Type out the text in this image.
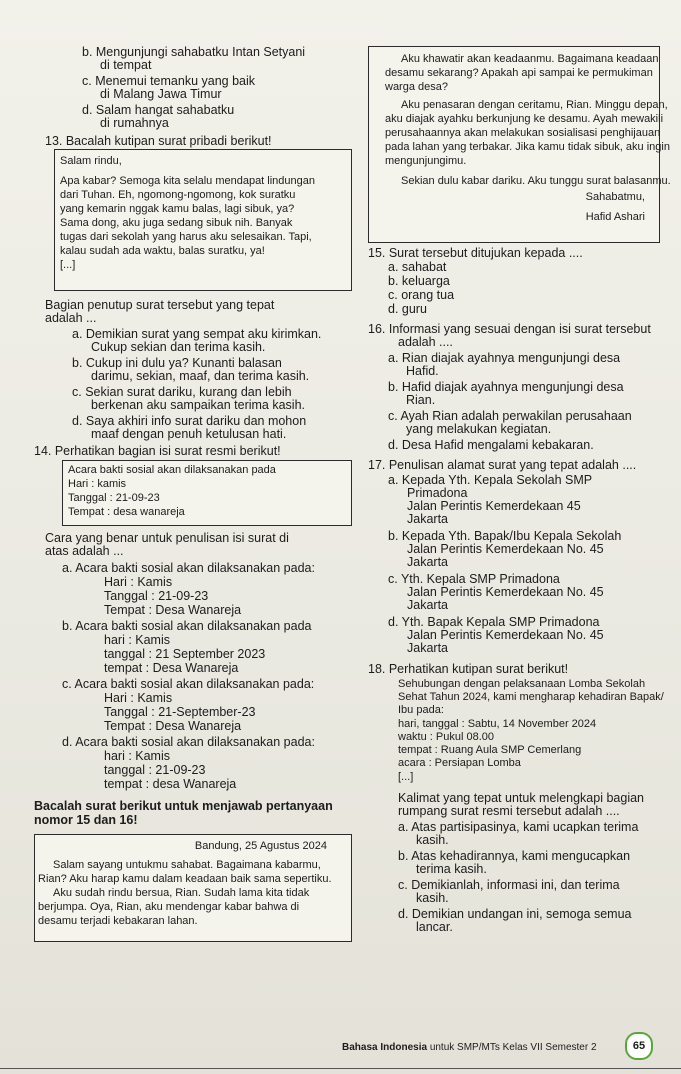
b. Mengunjungi sahabatku Intan Setyani
di tempat
c. Menemui temanku yang baik
di Malang Jawa Timur
d. Salam hangat sahabatku
di rumahnya
13. Bacalah kutipan surat pribadi berikut!
Salam rindu,
Apa kabar? Semoga kita selalu mendapat lindungan
dari Tuhan. Eh, ngomong-ngomong, kok suratku
yang kemarin nggak kamu balas, lagi sibuk, ya?
Sama dong, aku juga sedang sibuk nih. Banyak
tugas dari sekolah yang harus aku selesaikan. Tapi,
kalau sudah ada waktu, balas suratku, ya!
[...]
Bagian penutup surat tersebut yang tepat
adalah ...
a. Demikian surat yang sempat aku kirimkan.
Cukup sekian dan terima kasih.
b. Cukup ini dulu ya? Kunanti balasan
darimu, sekian, maaf, dan terima kasih.
c. Sekian surat dariku, kurang dan lebih
berkenan aku sampaikan terima kasih.
d. Saya akhiri info surat dariku dan mohon
maaf dengan penuh ketulusan hati.
14. Perhatikan bagian isi surat resmi berikut!
Acara bakti sosial akan dilaksanakan pada
Hari : kamis
Tanggal : 21-09-23
Tempat : desa wanareja
Cara yang benar untuk penulisan isi surat di
atas adalah ...
a. Acara bakti sosial akan dilaksanakan pada:
Hari : Kamis
Tanggal : 21-09-23
Tempat : Desa Wanareja
b. Acara bakti sosial akan dilaksanakan pada
hari : Kamis
tanggal : 21 September 2023
tempat : Desa Wanareja
c. Acara bakti sosial akan dilaksanakan pada:
Hari : Kamis
Tanggal : 21-September-23
Tempat : Desa Wanareja
d. Acara bakti sosial akan dilaksanakan pada:
hari : Kamis
tanggal : 21-09-23
tempat : desa Wanareja
Bacalah surat berikut untuk menjawab pertanyaan
nomor 15 dan 16!
Bandung, 25 Agustus 2024
Salam sayang untukmu sahabat. Bagaimana kabarmu,
Rian? Aku harap kamu dalam keadaan baik sama sepertiku.
Aku sudah rindu bersua, Rian. Sudah lama kita tidak
berjumpa. Oya, Rian, aku mendengar kabar bahwa di
desamu terjadi kebakaran lahan.
Aku khawatir akan keadaanmu. Bagaimana keadaan
desamu sekarang? Apakah api sampai ke permukiman
warga desa?
Aku penasaran dengan ceritamu, Rian. Minggu depan,
aku diajak ayahku berkunjung ke desamu. Ayah mewakili
perusahaannya akan melakukan sosialisasi penghijauan
pada lahan yang terbakar. Jika kamu tidak sibuk, aku ingin
mengunjungimu.
Sekian dulu kabar dariku. Aku tunggu surat balasanmu.
Sahabatmu,
Hafid Ashari
15. Surat tersebut ditujukan kepada ....
a. sahabat
b. keluarga
c. orang tua
d. guru
16. Informasi yang sesuai dengan isi surat tersebut
adalah ....
a. Rian diajak ayahnya mengunjungi desa
Hafid.
b. Hafid diajak ayahnya mengunjungi desa
Rian.
c. Ayah Rian adalah perwakilan perusahaan
yang melakukan kegiatan.
d. Desa Hafid mengalami kebakaran.
17. Penulisan alamat surat yang tepat adalah ....
a. Kepada Yth. Kepala Sekolah SMP
Primadona
Jalan Perintis Kemerdekaan 45
Jakarta
b. Kepada Yth. Bapak/Ibu Kepala Sekolah
Jalan Perintis Kemerdekaan No. 45
Jakarta
c. Yth. Kepala SMP Primadona
Jalan Perintis Kemerdekaan No. 45
Jakarta
d. Yth. Bapak Kepala SMP Primadona
Jalan Perintis Kemerdekaan No. 45
Jakarta
18. Perhatikan kutipan surat berikut!
Sehubungan dengan pelaksanaan Lomba Sekolah
Sehat Tahun 2024, kami mengharap kehadiran Bapak/
Ibu pada:
hari, tanggal : Sabtu, 14 November 2024
waktu : Pukul 08.00
tempat : Ruang Aula SMP Cemerlang
acara : Persiapan Lomba
[...]
Kalimat yang tepat untuk melengkapi bagian
rumpang surat resmi tersebut adalah ....
a. Atas partisipasinya, kami ucapkan terima
kasih.
b. Atas kehadirannya, kami mengucapkan
terima kasih.
c. Demikianlah, informasi ini, dan terima
kasih.
d. Demikian undangan ini, semoga semua
lancar.
Bahasa Indonesia untuk SMP/MTs Kelas VII Semester 2	65
